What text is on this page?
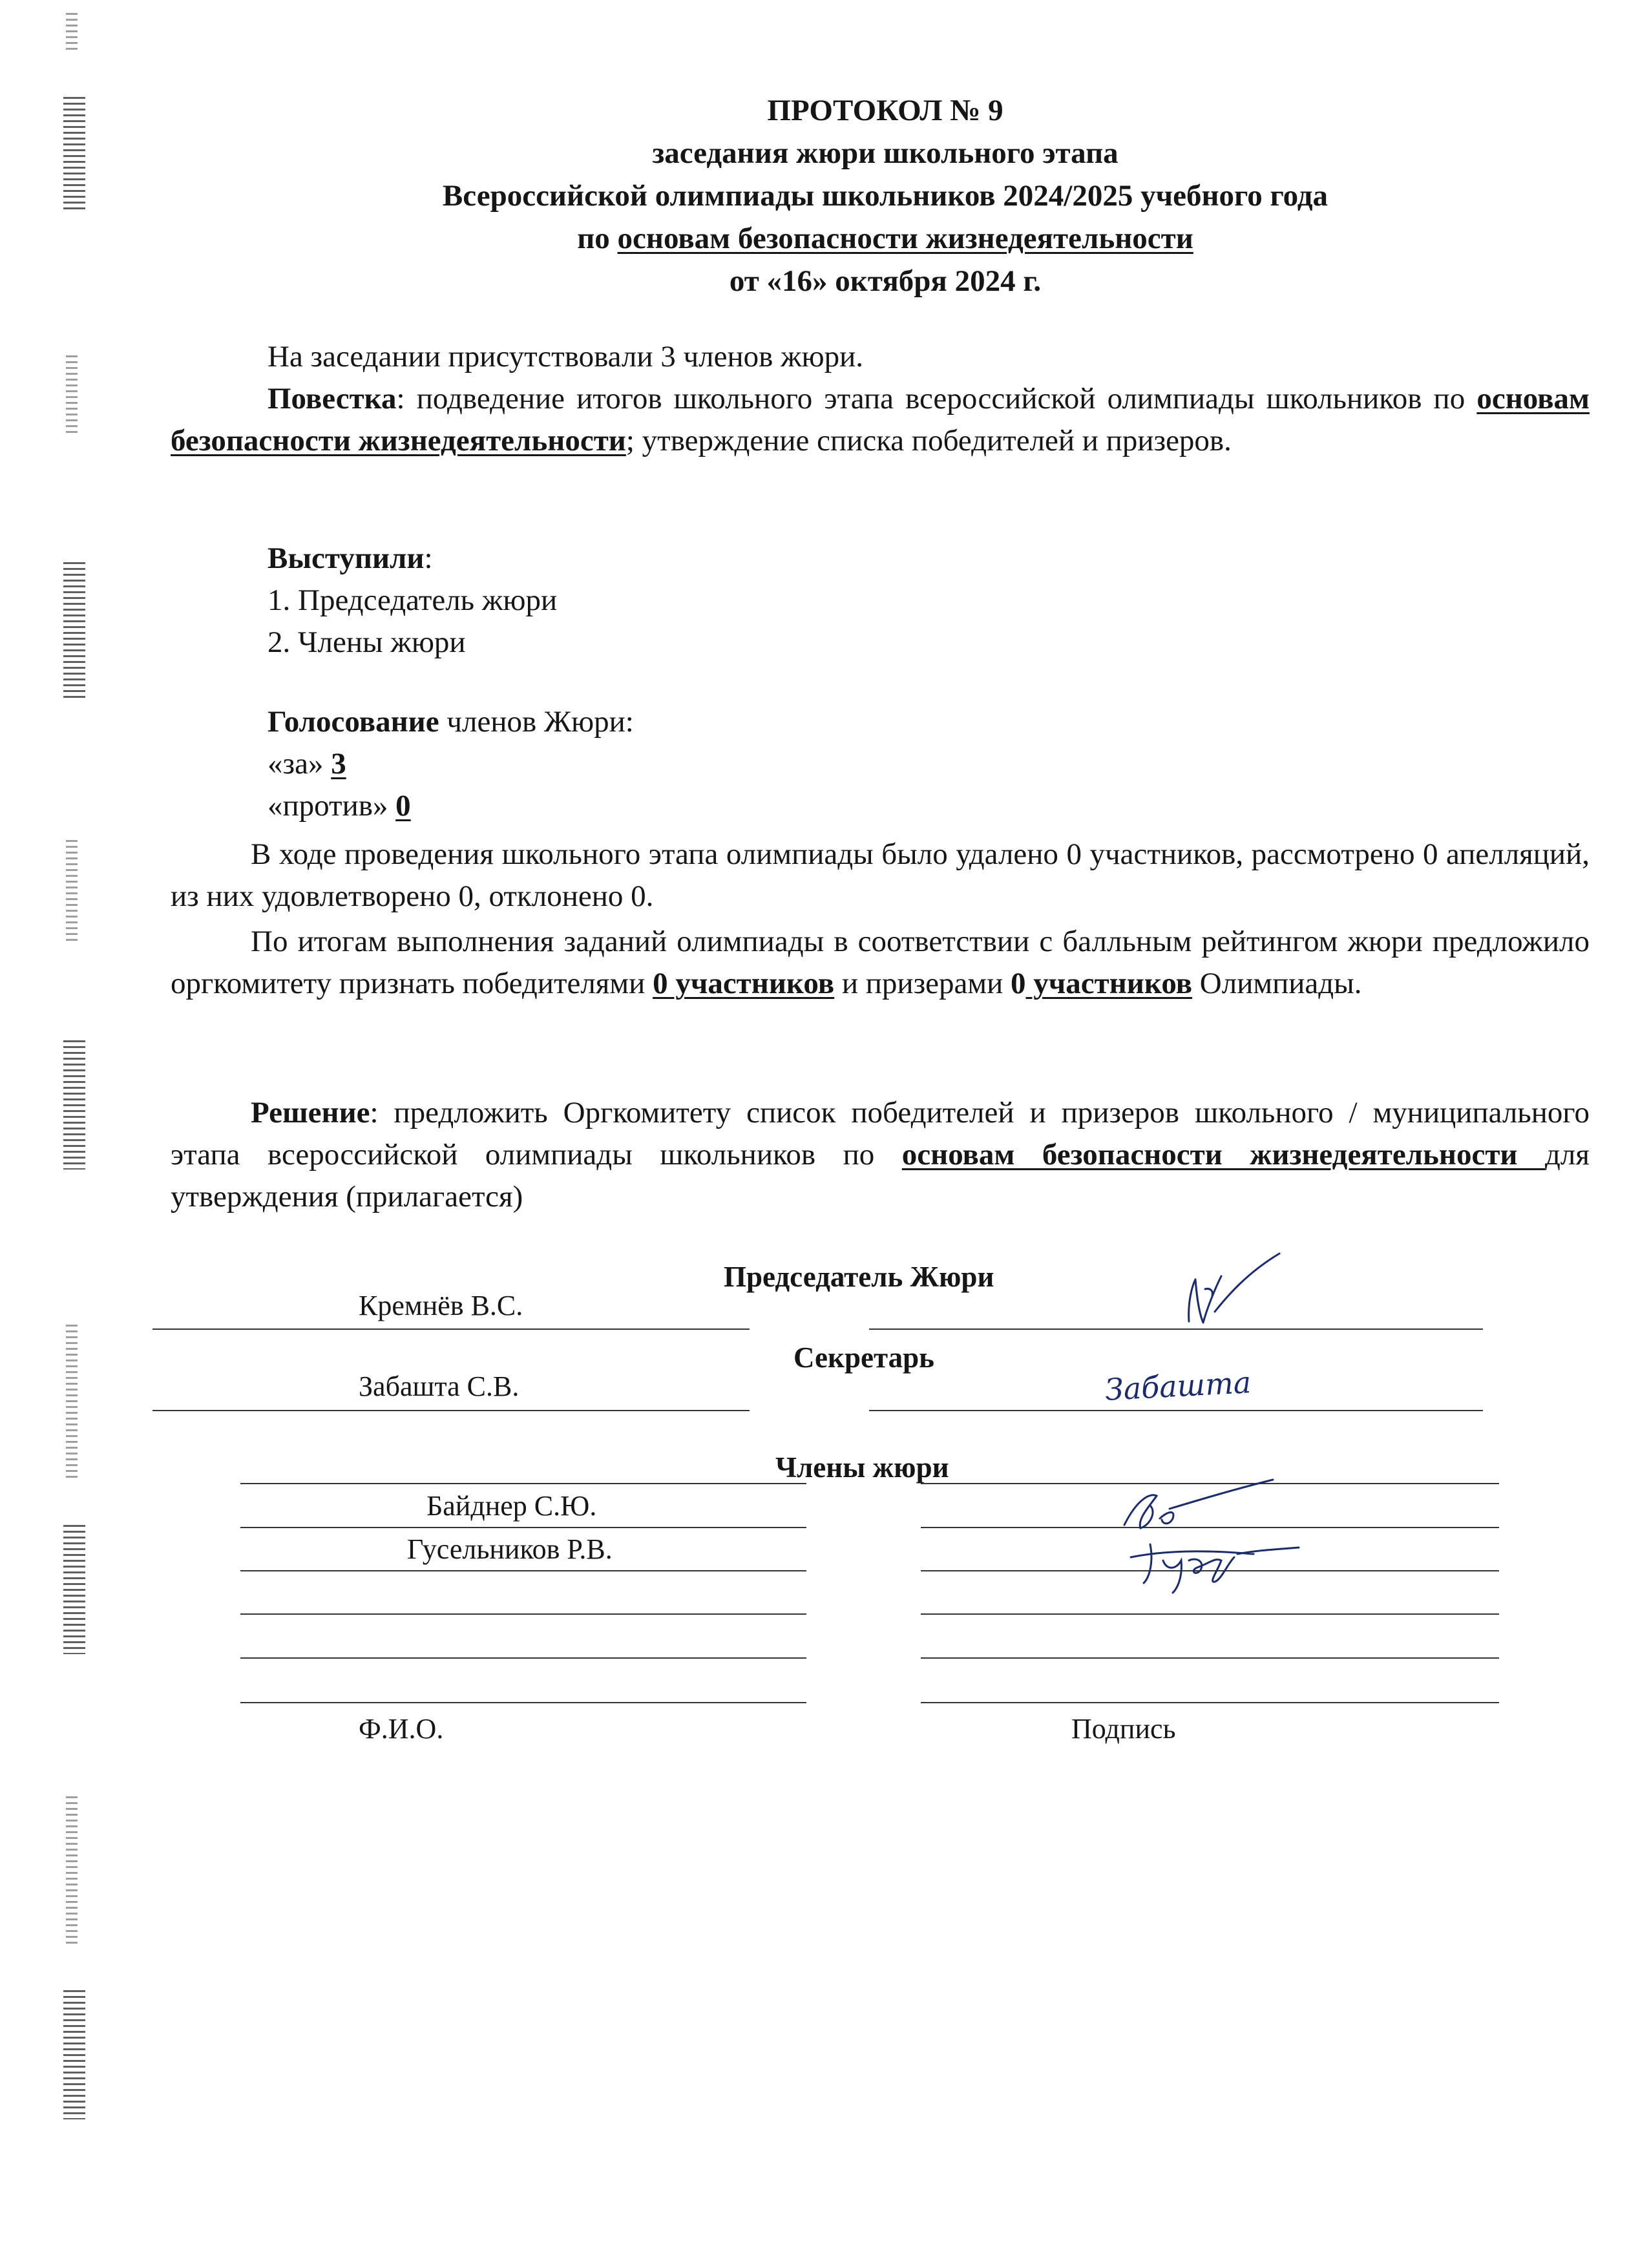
ПРОТОКОЛ № 9
заседания жюри школьного этапа
Всероссийской олимпиады школьников 2024/2025 учебного года
по основам безопасности жизнедеятельности
от «16» октября 2024 г.

На заседании присутствовали 3 членов жюри.

Повестка: подведение итогов школьного этапа всероссийской олимпиады школьников по основам безопасности жизнедеятельности; утверждение списка победителей и призеров.

Выступили:

1. Председатель жюри

2. Члены жюри

Голосование членов Жюри:

«за» 3

«против» 0

В ходе проведения школьного этапа олимпиады было удалено 0 участников, рассмотрено 0 апелляций, из них удовлетворено 0, отклонено 0.

По итогам выполнения заданий олимпиады в соответствии с балльным рейтингом жюри предложило оргкомитету признать победителями 0 участников и призерами 0 участников Олимпиады.

Решение: предложить Оргкомитету список победителей и призеров школьного / муниципального этапа всероссийской олимпиады школьников по основам безопасности жизнедеятельности для утверждения (прилагается)

Председатель Жюри
Кремнёв В.С.
Секретарь
Забашта С.В.	Забашта
Члены жюри
Байднер С.Ю.
Гусельников Р.В.
Ф.И.О.	Подпись
